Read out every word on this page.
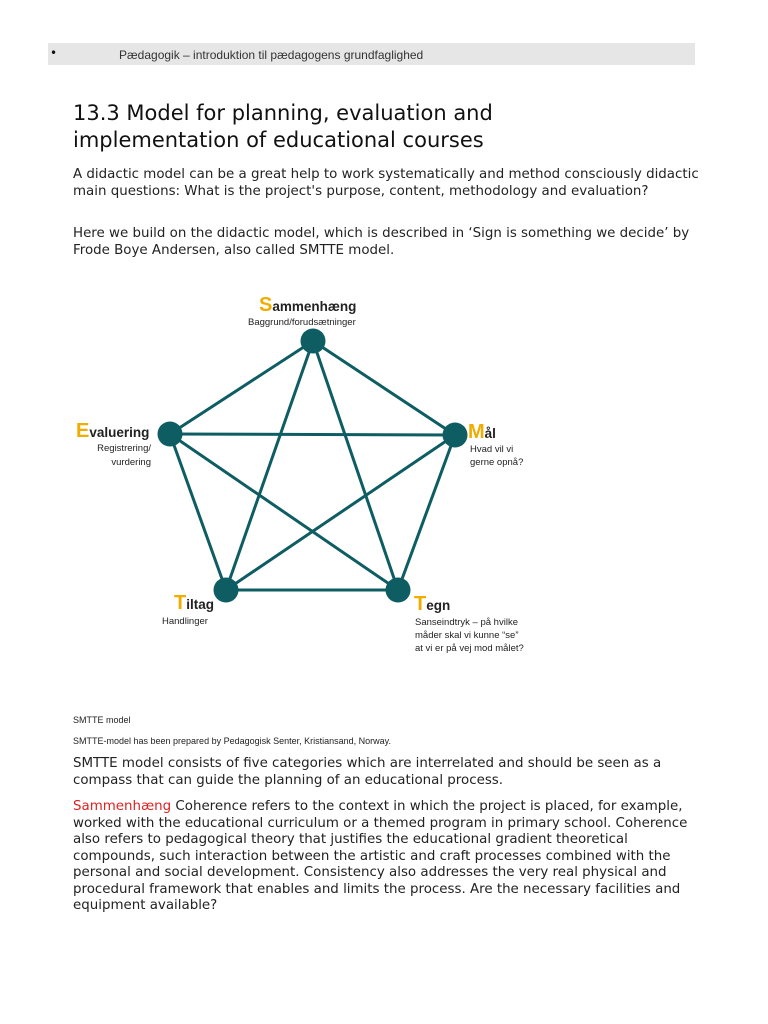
•	Pædagogik – introduktion til pædagogens grundfaglighed
13.3 Model for planning, evaluation and
implementation of educational courses

A didactic model can be a great help to work systematically and method consciously didactic main questions: What is the project's purpose, content, methodology and evaluation?

Here we build on the didactic model, which is described in ‘Sign is something we decide’ by Frode Boye Andersen, also called SMTTE model.

Sammenhæng
Baggrund/forudsætninger
Mål
Hvad vil vi
gerne opnå?
Evaluering
Registrering/
vurdering
Tiltag
Handlinger
Tegn
Sanseindtryk – på hvilke
måder skal vi kunne “se”
at vi er på vej mod målet?

SMTTE model

SMTTE-model has been prepared by Pedagogisk Senter, Kristiansand, Norway.

SMTTE model consists of five categories which are interrelated and should be seen as a compass that can guide the planning of an educational process.

Sammenhæng Coherence refers to the context in which the project is placed, for example, worked with the educational curriculum or a themed program in primary school. Coherence also refers to pedagogical theory that justifies the educational gradient theoretical compounds, such interaction between the artistic and craft processes combined with the personal and social development. Consistency also addresses the very real physical and procedural framework that enables and limits the process. Are the necessary facilities and equipment available?
